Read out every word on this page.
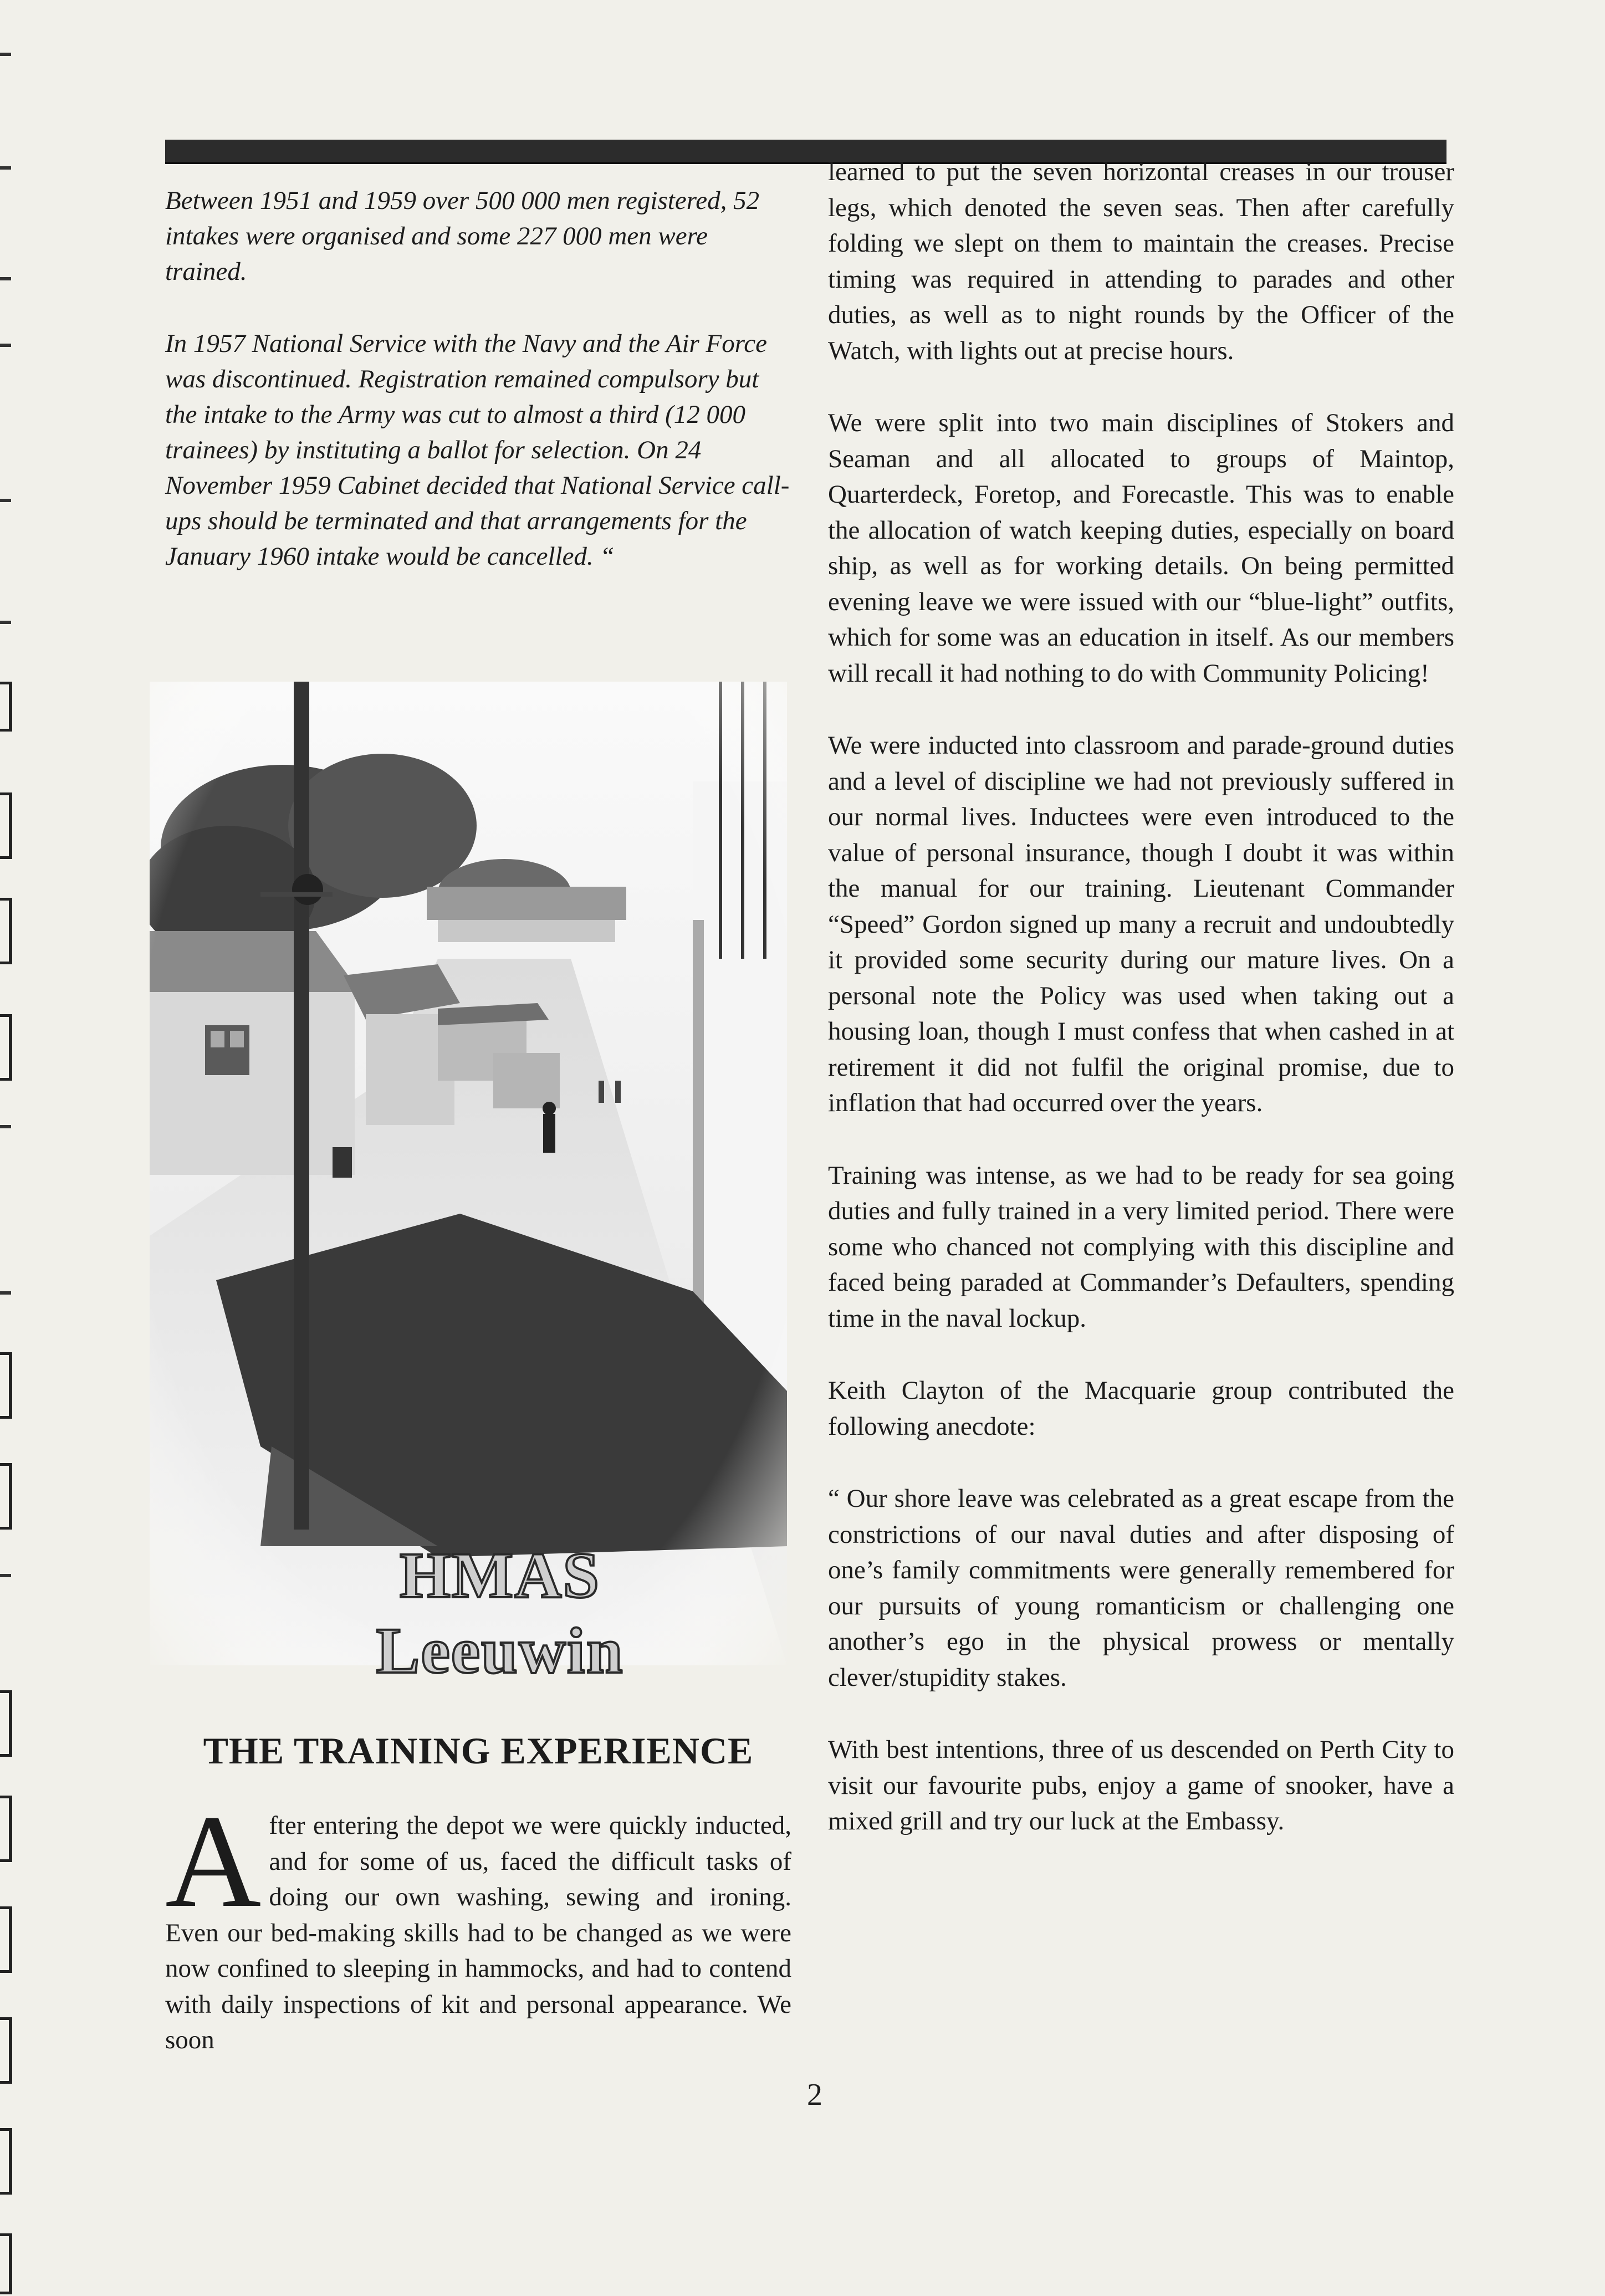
Between 1951 and 1959 over 500 000 men registered, 52 intakes were organised and some 227 000 men were trained.

In 1957 National Service with the Navy and the Air Force was discontinued. Registration remained compulsory but the intake to the Army was cut to almost a third (12 000 trainees) by instituting a ballot for selection. On 24 November 1959 Cabinet decided that National Service call-ups should be terminated and that arrangements for the January 1960 intake would be cancelled. “

HMAS Leeuwin
THE TRAINING EXPERIENCE

After entering the depot we were quickly inducted, and for some of us, faced the difficult tasks of doing our own washing, sewing and ironing. Even our bed-making skills had to be changed as we were now confined to sleeping in hammocks, and had to contend with daily inspections of kit and personal appearance. We soon

learned to put the seven horizontal creases in our trouser legs, which denoted the seven seas. Then after carefully folding we slept on them to maintain the creases. Precise timing was required in attending to parades and other duties, as well as to night rounds by the Officer of the Watch, with lights out at precise hours.

We were split into two main disciplines of Stokers and Seaman and all allocated to groups of Maintop, Quarterdeck, Foretop, and Forecastle. This was to enable the allocation of watch keeping duties, especially on board ship, as well as for working details. On being permitted evening leave we were issued with our “blue-light” outfits, which for some was an education in itself. As our members will recall it had nothing to do with Community Policing!

We were inducted into classroom and parade-ground duties and a level of discipline we had not previously suffered in our normal lives. Inductees were even introduced to the value of personal insurance, though I doubt it was within the manual for our training. Lieutenant Commander “Speed” Gordon signed up many a recruit and undoubtedly it provided some security during our mature lives. On a personal note the Policy was used when taking out a housing loan, though I must confess that when cashed in at retirement it did not fulfil the original promise, due to inflation that had occurred over the years.

Training was intense, as we had to be ready for sea going duties and fully trained in a very limited period. There were some who chanced not complying with this discipline and faced being paraded at Commander’s Defaulters, spending time in the naval lockup.

Keith Clayton of the Macquarie group contributed the following anecdote:

“ Our shore leave was celebrated as a great escape from the constrictions of our naval duties and after disposing of one’s family commitments were generally remembered for our pursuits of young romanticism or challenging one another’s ego in the physical prowess or mentally clever/stupidity stakes.

With best intentions, three of us descended on Perth City to visit our favourite pubs, enjoy a game of snooker, have a mixed grill and try our luck at the Embassy.

2
